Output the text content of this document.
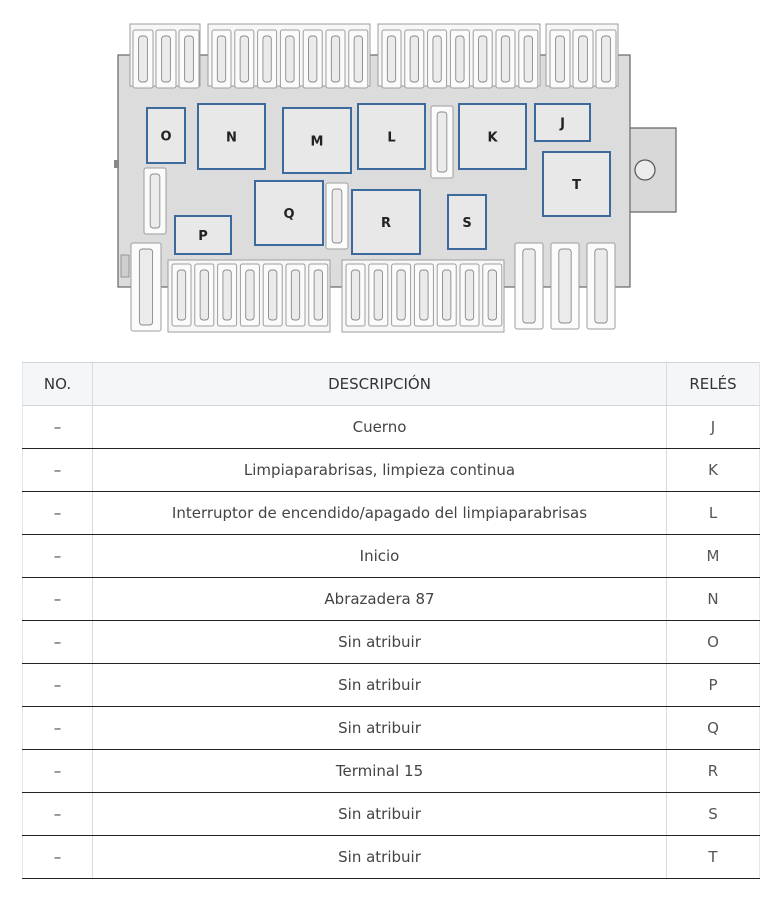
O	N	M	L	K
J
T
P
Q
R	S
NO.	DESCRIPCIÓN	RELÉS
–	Cuerno	J
–	Limpiaparabrisas, limpieza continua	K
–	Interruptor de encendido/apagado del limpiaparabrisas	L
–	Inicio	M
–	Abrazadera 87	N
–	Sin atribuir	O
–	Sin atribuir	P
–	Sin atribuir	Q
–	Terminal 15	R
–	Sin atribuir	S
–	Sin atribuir	T
